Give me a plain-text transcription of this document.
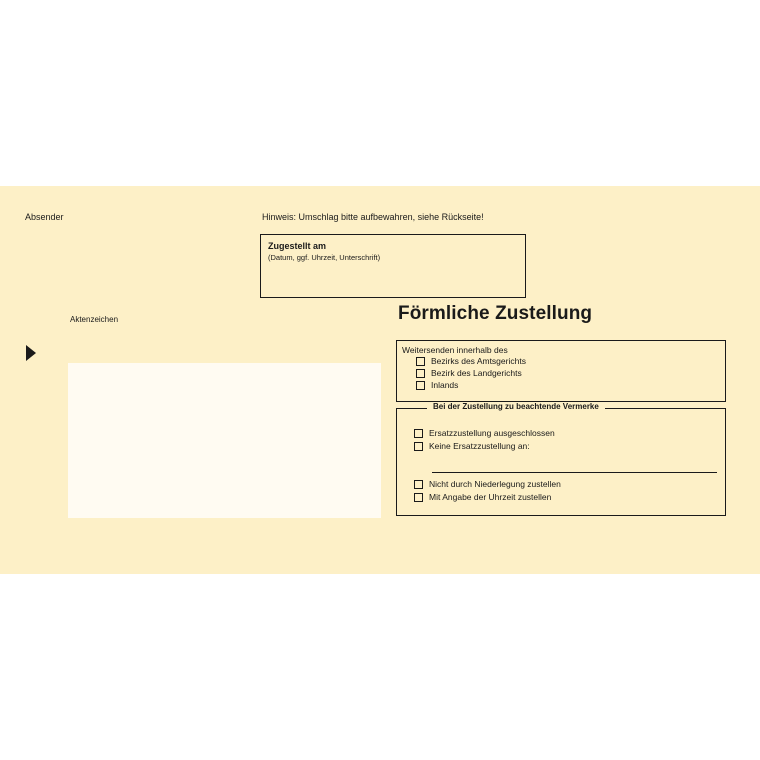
Absender	Hinweis: Umschlag bitte aufbewahren, siehe Rückseite!
Zugestellt am
(Datum, ggf. Uhrzeit, Unterschrift)
Aktenzeichen	Förmliche Zustellung
Weitersenden innerhalb des
Bezirks des Amtsgerichts
Bezirk des Landgerichts
Inlands
Bei der Zustellung zu beachtende Vermerke
Ersatzzustellung ausgeschlossen
Keine Ersatzzustellung an:
Nicht durch Niederlegung zustellen
Mit Angabe der Uhrzeit zustellen
